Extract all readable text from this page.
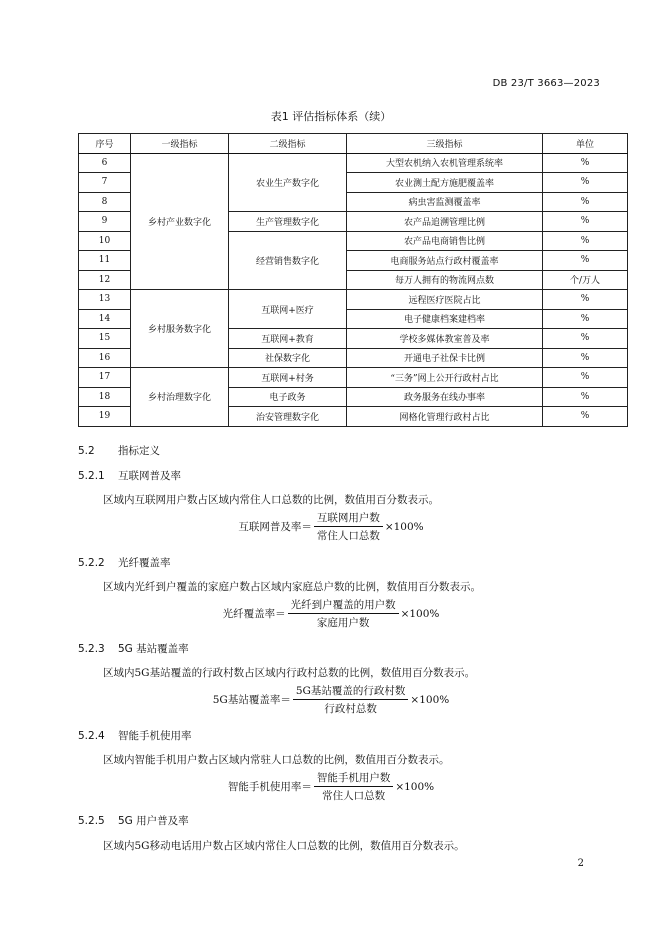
DB 23/T 3663—2023
表1 评估指标体系（续）
序号	一级指标	二级指标	三级指标	单位
6	乡村产业数字化	农业生产数字化	大型农机纳入农机管理系统率	%
7			农业测土配方施肥覆盖率	%
8			病虫害监测覆盖率	%
9		生产管理数字化	农产品追溯管理比例	%
10		经营销售数字化	农产品电商销售比例	%
11			电商服务站点行政村覆盖率	%
12			每万人拥有的物流网点数	个/万人
13	乡村服务数字化	互联网+医疗	远程医疗医院占比	%
14			电子健康档案建档率	%
15		互联网+教育	学校多媒体教室普及率	%
16		社保数字化	开通电子社保卡比例	%
17	乡村治理数字化	互联网+村务	“三务”网上公开行政村占比	%
18		电子政务	政务服务在线办事率	%
19		治安管理数字化	网格化管理行政村占比	%
5.2 指标定义
5.2.1 互联网普及率
区域内互联网用户数占区域内常住人口总数的比例，数值用百分数表示。
互联网普及率＝ $\frac{\text{互联网用户数}}{\text{常住人口总数}} \times 100\%$
5.2.2 光纤覆盖率
区域内光纤到户覆盖的家庭户数占区域内家庭总户数的比例，数值用百分数表示。
光纤覆盖率＝ $\frac{\text{光纤到户覆盖的用户数}}{\text{家庭用户数}} \times 100\%$
5.2.3 5G 基站覆盖率
区域内5G基站覆盖的行政村数占区域内行政村总数的比例，数值用百分数表示。
5G基站覆盖率＝ $\frac{\text{5G基站覆盖的行政村数}}{\text{行政村总数}} \times 100\%$
5.2.4 智能手机使用率
区域内智能手机用户数占区域内常驻人口总数的比例，数值用百分数表示。
智能手机使用率＝ $\frac{\text{智能手机用户数}}{\text{常住人口总数}} \times 100\%$
5.2.5 5G 用户普及率
区域内5G移动电话用户数占区域内常住人口总数的比例，数值用百分数表示。
2
